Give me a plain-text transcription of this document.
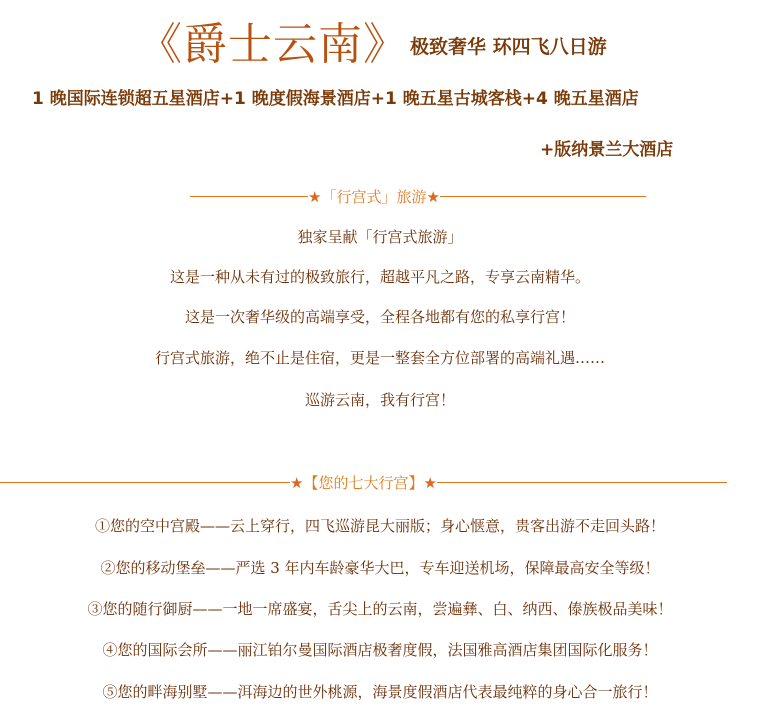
《爵士云南》 极致奢华 环四飞八日游
1 晚国际连锁超五星酒店+1 晚度假海景酒店+1 晚五星古城客栈+4 晚五星酒店
+版纳景兰大酒店
★ 「行宫式」旅游 ★
独家呈献「行宫式旅游」
这是一种从未有过的极致旅行，超越平凡之路，专享云南精华。
这是一次奢华级的高端享受，全程各地都有您的私享行宫！
行宫式旅游，绝不止是住宿，更是一整套全方位部署的高端礼遇……
巡游云南，我有行宫！
★ 【您的七大行宫】 ★
①您的空中宫殿——云上穿行，四飞巡游昆大丽版；身心惬意，贵客出游不走回头路！
②您的移动堡垒——严选 3 年内车龄豪华大巴，专车迎送机场，保障最高安全等级！
③您的随行御厨——一地一席盛宴，舌尖上的云南，尝遍彝、白、纳西、傣族极品美味！
④您的国际会所——丽江铂尔曼国际酒店极奢度假，法国雅高酒店集团国际化服务！
⑤您的畔海别墅——洱海边的世外桃源，海景度假酒店代表最纯粹的身心合一旅行！
